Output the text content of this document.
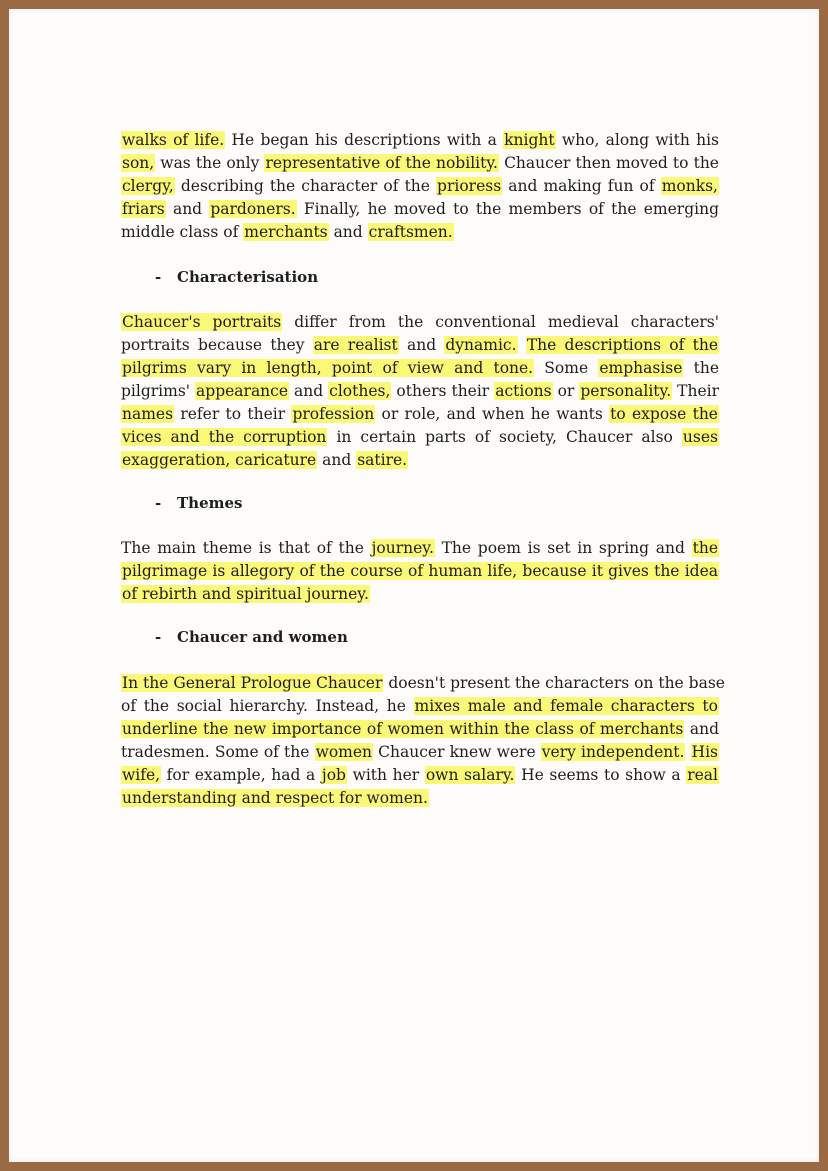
walks of life. He began his descriptions with a knight who, along with his
son, was the only representative of the nobility. Chaucer then moved to the
clergy, describing the character of the prioress and making fun of monks,
friars and pardoners. Finally, he moved to the members of the emerging
middle class of merchants and craftsmen.
- Characterisation
Chaucer's portraits differ from the conventional medieval characters'
portraits because they are realist and dynamic. The descriptions of the
pilgrims vary in length, point of view and tone. Some emphasise the
pilgrims' appearance and clothes, others their actions or personality. Their
names refer to their profession or role, and when he wants to expose the
vices and the corruption in certain parts of society, Chaucer also uses
exaggeration, caricature and satire.
- Themes
The main theme is that of the journey. The poem is set in spring and the
pilgrimage is allegory of the course of human life, because it gives the idea
of rebirth and spiritual journey.
- Chaucer and women
In the General Prologue Chaucer doesn't present the characters on the base
of the social hierarchy. Instead, he mixes male and female characters to
underline the new importance of women within the class of merchants and
tradesmen. Some of the women Chaucer knew were very independent. His
wife, for example, had a job with her own salary. He seems to show a real
understanding and respect for women.
